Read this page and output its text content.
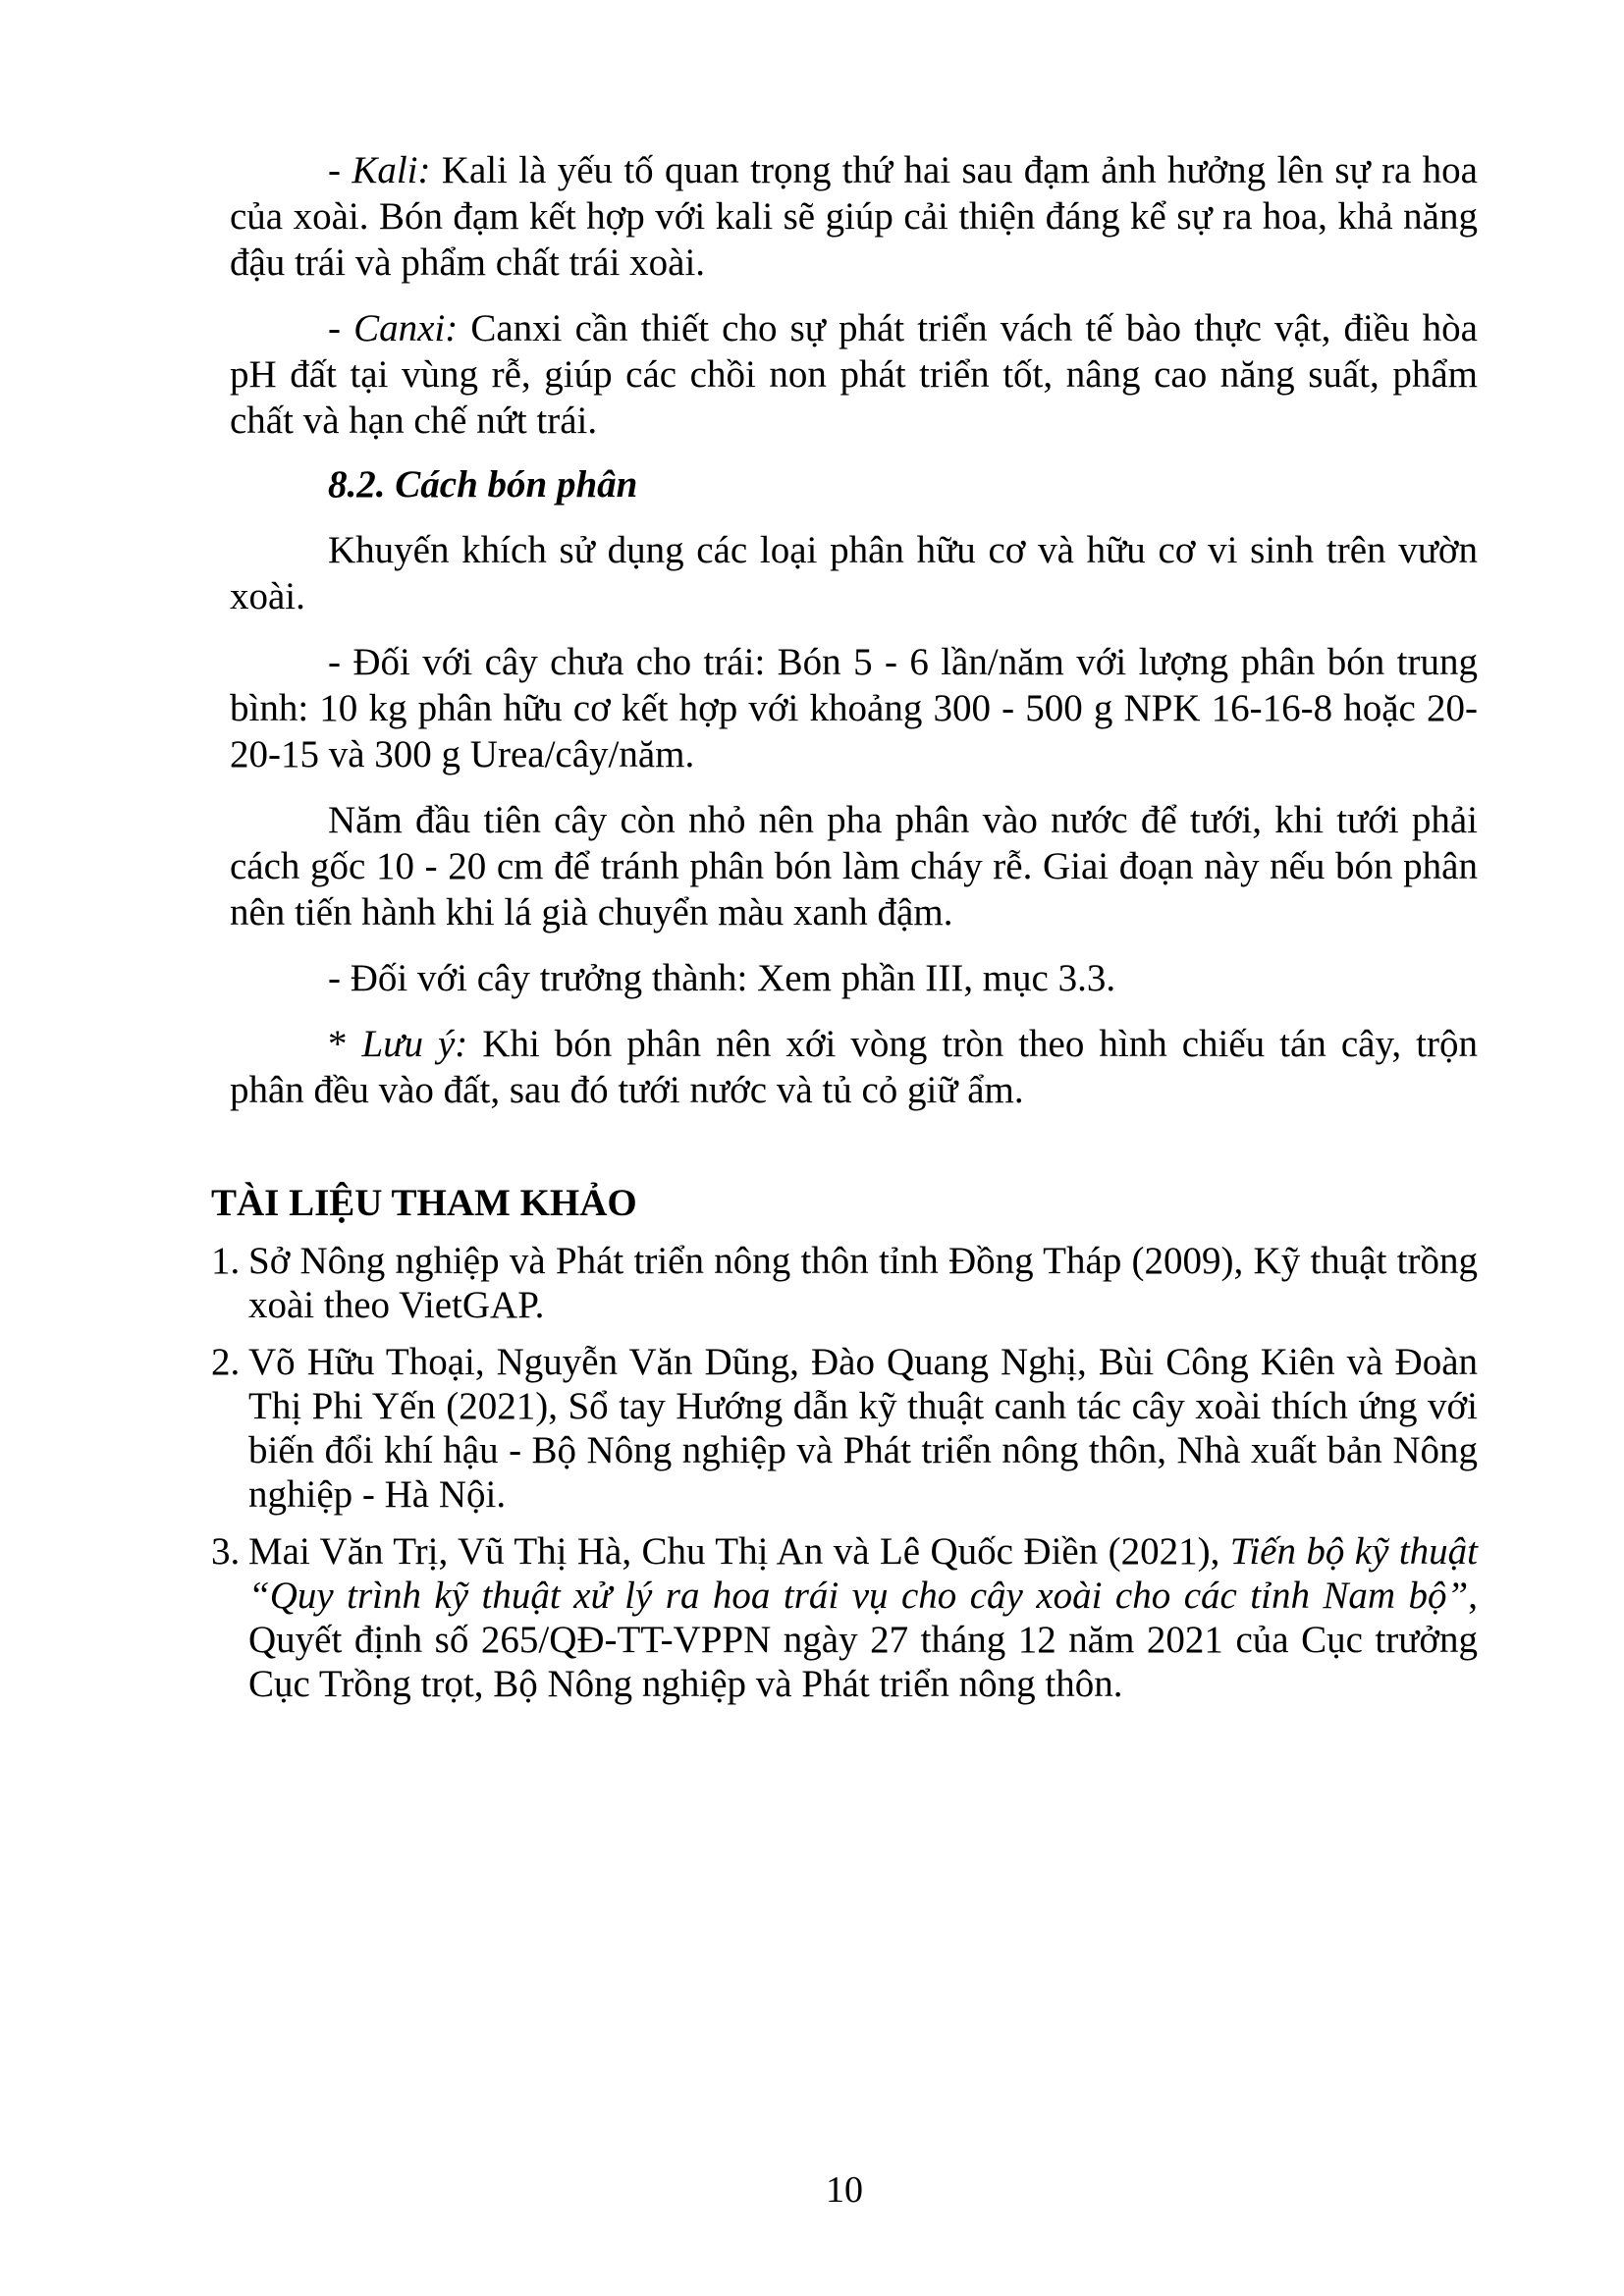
- Kali: Kali là yếu tố quan trọng thứ hai sau đạm ảnh hưởng lên sự ra hoa của xoài. Bón đạm kết hợp với kali sẽ giúp cải thiện đáng kể sự ra hoa, khả năng đậu trái và phẩm chất trái xoài.

- Canxi: Canxi cần thiết cho sự phát triển vách tế bào thực vật, điều hòa pH đất tại vùng rễ, giúp các chồi non phát triển tốt, nâng cao năng suất, phẩm chất và hạn chế nứt trái.

8.2. Cách bón phân

Khuyến khích sử dụng các loại phân hữu cơ và hữu cơ vi sinh trên vườn xoài.

- Đối với cây chưa cho trái: Bón 5 - 6 lần/năm với lượng phân bón trung bình: 10 kg phân hữu cơ kết hợp với khoảng 300 - 500 g NPK 16-16-8 hoặc 20-20-15 và 300 g Urea/cây/năm.

Năm đầu tiên cây còn nhỏ nên pha phân vào nước để tưới, khi tưới phải cách gốc 10 - 20 cm để tránh phân bón làm cháy rễ. Giai đoạn này nếu bón phân nên tiến hành khi lá già chuyển màu xanh đậm.

- Đối với cây trưởng thành: Xem phần III, mục 3.3.

* Lưu ý: Khi bón phân nên xới vòng tròn theo hình chiếu tán cây, trộn phân đều vào đất, sau đó tưới nước và tủ cỏ giữ ẩm.

TÀI LIỆU THAM KHẢO
Sở Nông nghiệp và Phát triển nông thôn tỉnh Đồng Tháp (2009), Kỹ thuật trồng xoài theo VietGAP.
Võ Hữu Thoại, Nguyễn Văn Dũng, Đào Quang Nghị, Bùi Công Kiên và Đoàn Thị Phi Yến (2021), Sổ tay Hướng dẫn kỹ thuật canh tác cây xoài thích ứng với biến đổi khí hậu - Bộ Nông nghiệp và Phát triển nông thôn, Nhà xuất bản Nông nghiệp - Hà Nội.
Mai Văn Trị, Vũ Thị Hà, Chu Thị An và Lê Quốc Điền (2021), Tiến bộ kỹ thuật “Quy trình kỹ thuật xử lý ra hoa trái vụ cho cây xoài cho các tỉnh Nam bộ”, Quyết định số 265/QĐ-TT-VPPN ngày 27 tháng 12 năm 2021 của Cục trưởng Cục Trồng trọt, Bộ Nông nghiệp và Phát triển nông thôn.
10
